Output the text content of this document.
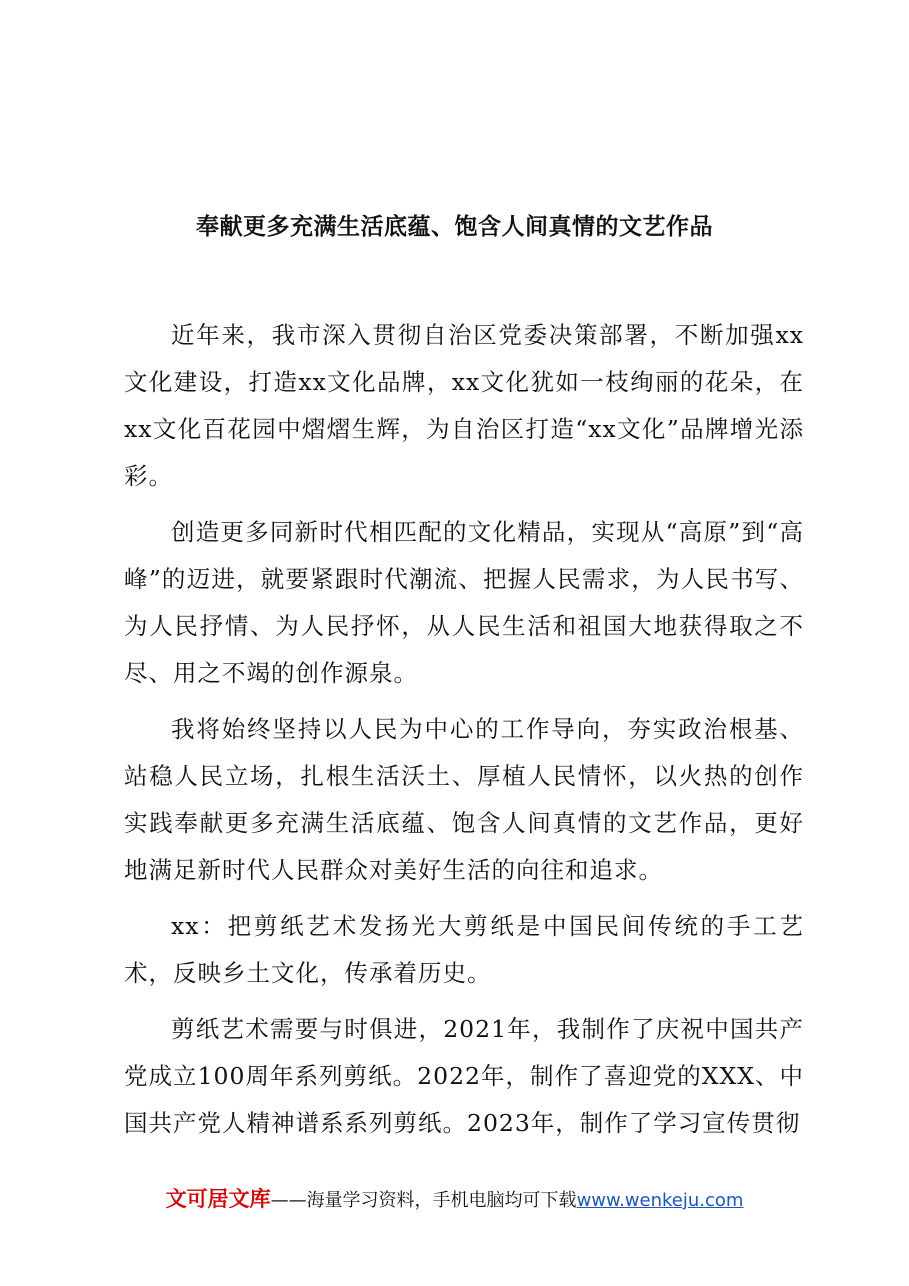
奉献更多充满生活底蕴、饱含人间真情的文艺作品

近年来，我市深入贯彻自治区党委决策部署，不断加强xx文化建设，打造xx文化品牌，xx文化犹如一枝绚丽的花朵，在xx文化百花园中熠熠生辉，为自治区打造“xx文化”品牌增光添彩。

创造更多同新时代相匹配的文化精品，实现从“高原”到“高峰”的迈进，就要紧跟时代潮流、把握人民需求，为人民书写、为人民抒情、为人民抒怀，从人民生活和祖国大地获得取之不尽、用之不竭的创作源泉。

我将始终坚持以人民为中心的工作导向，夯实政治根基、站稳人民立场，扎根生活沃土、厚植人民情怀，以火热的创作实践奉献更多充满生活底蕴、饱含人间真情的文艺作品，更好地满足新时代人民群众对美好生活的向往和追求。

xx：把剪纸艺术发扬光大剪纸是中国民间传统的手工艺术，反映乡土文化，传承着历史。

剪纸艺术需要与时俱进，2021年，我制作了庆祝中国共产党成立100周年系列剪纸。2022年，制作了喜迎党的XXX、中国共产党人精神谱系系列剪纸。2023年，制作了学习宣传贯彻

文可居文库——海量学习资料，手机电脑均可下载www.wenkeju.com
